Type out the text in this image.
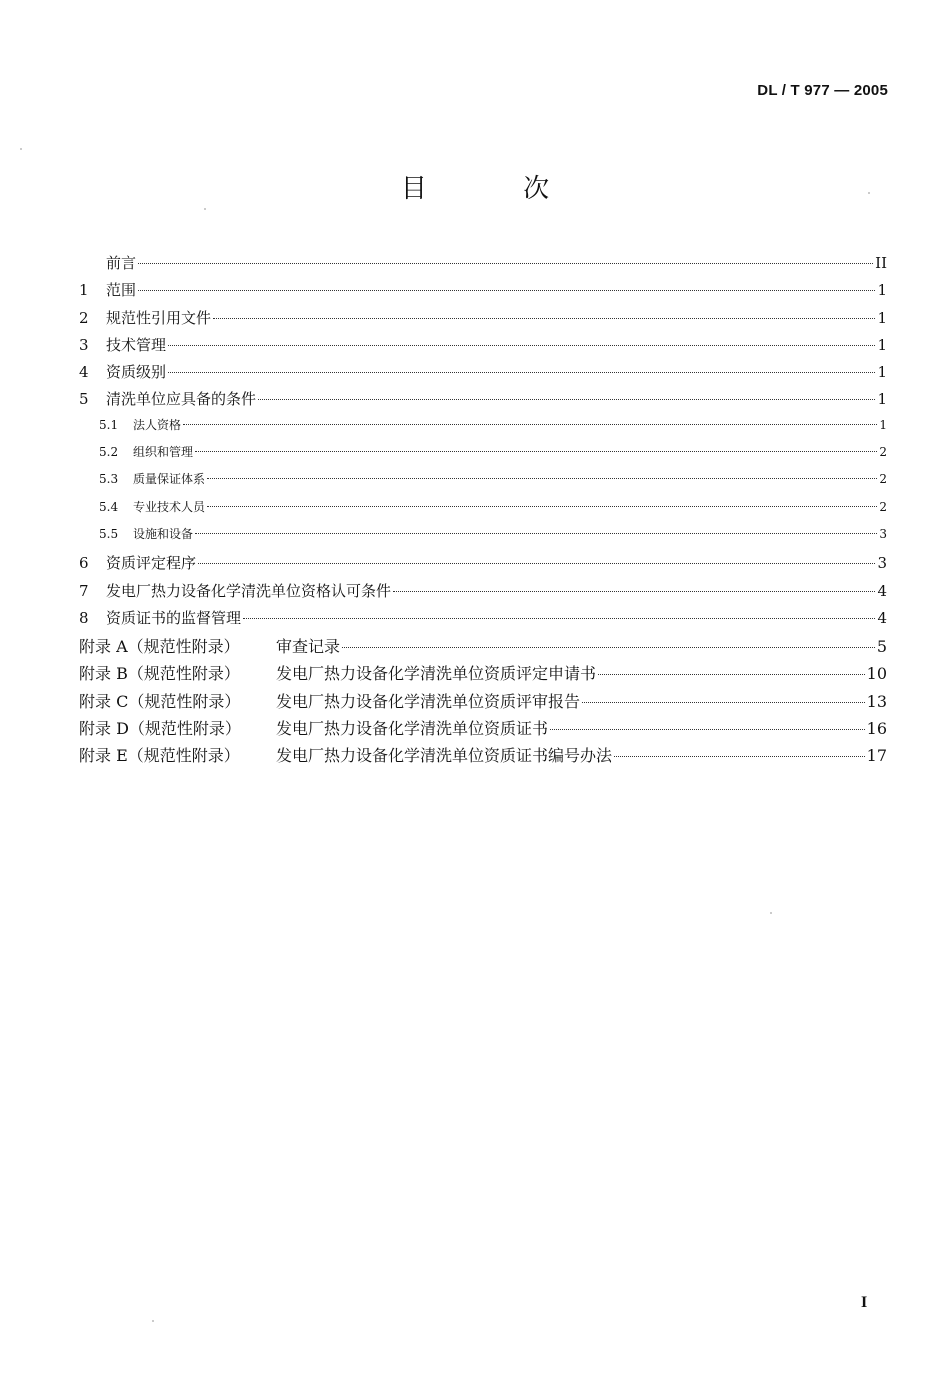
DL / T 977 — 2005
目 次
前言	II
1	范围	1
2	规范性引用文件	1
3	技术管理	1
4	资质级别	1
5	清洗单位应具备的条件	1
5.1	法人资格	1
5.2	组织和管理	2
5.3	质量保证体系	2
5.4	专业技术人员	2
5.5	设施和设备	3
6	资质评定程序	3
7	发电厂热力设备化学清洗单位资格认可条件	4
8	资质证书的监督管理	4
附录 A（规范性附录）	审查记录	5
附录 B（规范性附录）	发电厂热力设备化学清洗单位资质评定申请书	10
附录 C（规范性附录）	发电厂热力设备化学清洗单位资质评审报告	13
附录 D（规范性附录）	发电厂热力设备化学清洗单位资质证书	16
附录 E（规范性附录）	发电厂热力设备化学清洗单位资质证书编号办法	17
I
